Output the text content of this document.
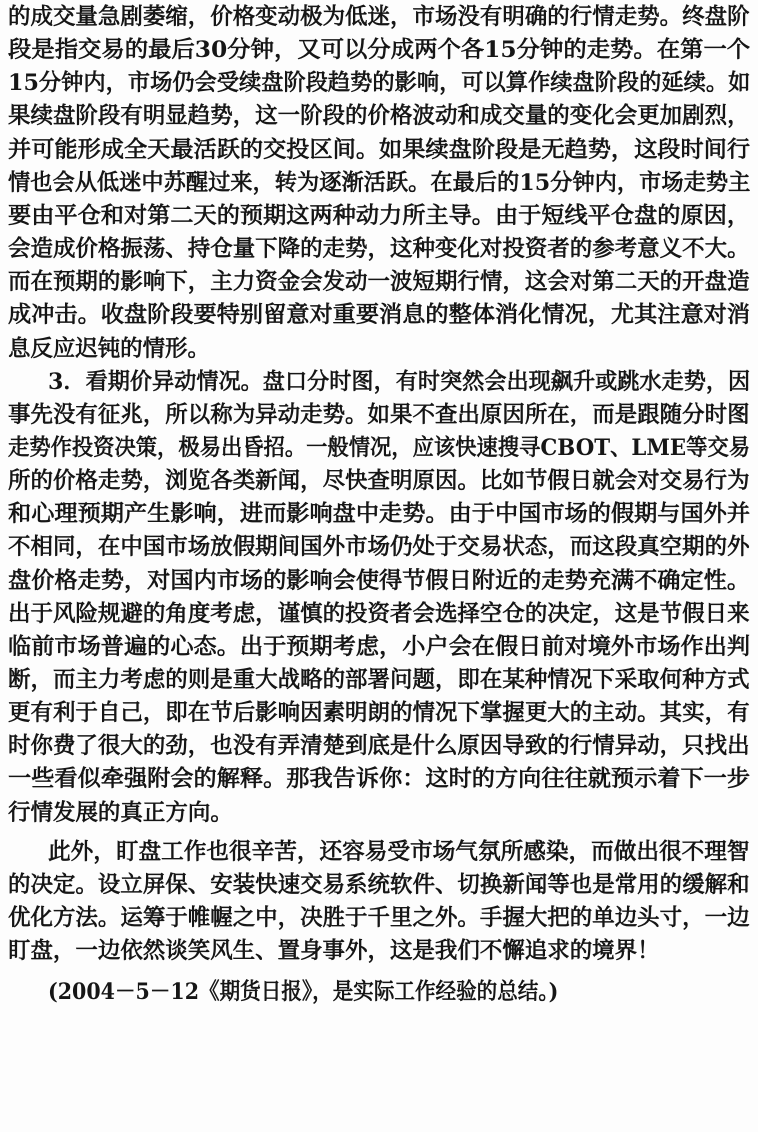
的成交量急剧萎缩，价格变动极为低迷，市场没有明确的行情走势。终盘阶
段是指交易的最后30分钟，又可以分成两个各15分钟的走势。在第一个
15分钟内，市场仍会受续盘阶段趋势的影响，可以算作续盘阶段的延续。如
果续盘阶段有明显趋势，这一阶段的价格波动和成交量的变化会更加剧烈，
并可能形成全天最活跃的交投区间。如果续盘阶段是无趋势，这段时间行
情也会从低迷中苏醒过来，转为逐渐活跃。在最后的15分钟内，市场走势主
要由平仓和对第二天的预期这两种动力所主导。由于短线平仓盘的原因，
会造成价格振荡、持仓量下降的走势，这种变化对投资者的参考意义不大。
而在预期的影响下，主力资金会发动一波短期行情，这会对第二天的开盘造
成冲击。收盘阶段要特别留意对重要消息的整体消化情况，尤其注意对消
息反应迟钝的情形。
3．看期价异动情况。盘口分时图，有时突然会出现飙升或跳水走势，因
事先没有征兆，所以称为异动走势。如果不查出原因所在，而是跟随分时图
走势作投资决策，极易出昏招。一般情况，应该快速搜寻CBOT、LME等交易
所的价格走势，浏览各类新闻，尽快查明原因。比如节假日就会对交易行为
和心理预期产生影响，进而影响盘中走势。由于中国市场的假期与国外并
不相同，在中国市场放假期间国外市场仍处于交易状态，而这段真空期的外
盘价格走势，对国内市场的影响会使得节假日附近的走势充满不确定性。
出于风险规避的角度考虑，谨慎的投资者会选择空仓的决定，这是节假日来
临前市场普遍的心态。出于预期考虑，小户会在假日前对境外市场作出判
断，而主力考虑的则是重大战略的部署问题，即在某种情况下采取何种方式
更有利于自己，即在节后影响因素明朗的情况下掌握更大的主动。其实，有
时你费了很大的劲，也没有弄清楚到底是什么原因导致的行情异动，只找出
一些看似牵强附会的解释。那我告诉你：这时的方向往往就预示着下一步
行情发展的真正方向。
此外，盯盘工作也很辛苦，还容易受市场气氛所感染，而做出很不理智
的决定。设立屏保、安装快速交易系统软件、切换新闻等也是常用的缓解和
优化方法。运筹于帷幄之中，决胜于千里之外。手握大把的单边头寸，一边
盯盘，一边依然谈笑风生、置身事外，这是我们不懈追求的境界！
(2004－5－12《期货日报》，是实际工作经验的总结。)
